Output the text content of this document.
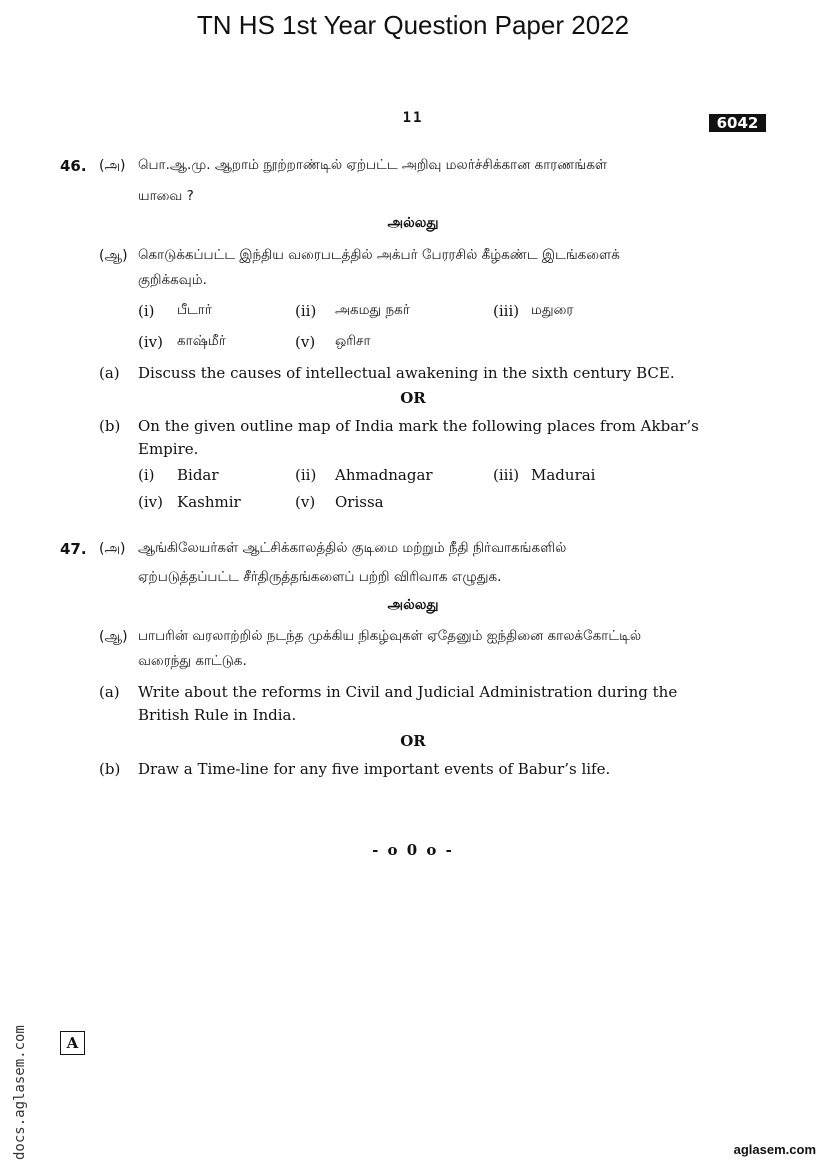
TN HS 1st Year Question Paper 2022
11	6042
46. (அ) பொ.ஆ.மு. ஆறாம் நூற்றாண்டில் ஏற்பட்ட அறிவு மலர்ச்சிக்கான காரணங்கள்
யாவை ?
அல்லது
(ஆ) கொடுக்கப்பட்ட இந்திய வரைபடத்தில் அக்பர் பேரரசில் கீழ்கண்ட இடங்களைக்
குறிக்கவும்.
(i) பீடார்	(ii) அகமது நகர்	(iii) மதுரை
(iv) காஷ்மீர்	(v) ஒரிசா
(a) Discuss the causes of intellectual awakening in the sixth century BCE.
OR
(b) On the given outline map of India mark the following places from Akbar’s
Empire.
(i) Bidar	(ii) Ahmadnagar	(iii) Madurai
(iv) Kashmir	(v) Orissa
47. (அ) ஆங்கிலேயர்கள் ஆட்சிக்காலத்தில் குடிமை மற்றும் நீதி நிர்வாகங்களில்
ஏற்படுத்தப்பட்ட சீர்திருத்தங்களைப் பற்றி விரிவாக எழுதுக.
அல்லது
(ஆ) பாபரின் வரலாற்றில் நடந்த முக்கிய நிகழ்வுகள் ஏதேனும் ஐந்தினை காலக்கோட்டில்
வரைந்து காட்டுக.
(a) Write about the reforms in Civil and Judicial Administration during the
British Rule in India.
OR
(b) Draw a Time-line for any five important events of Babur’s life.
- o 0 o -
docs.aglasem.com	A
aglasem.com
